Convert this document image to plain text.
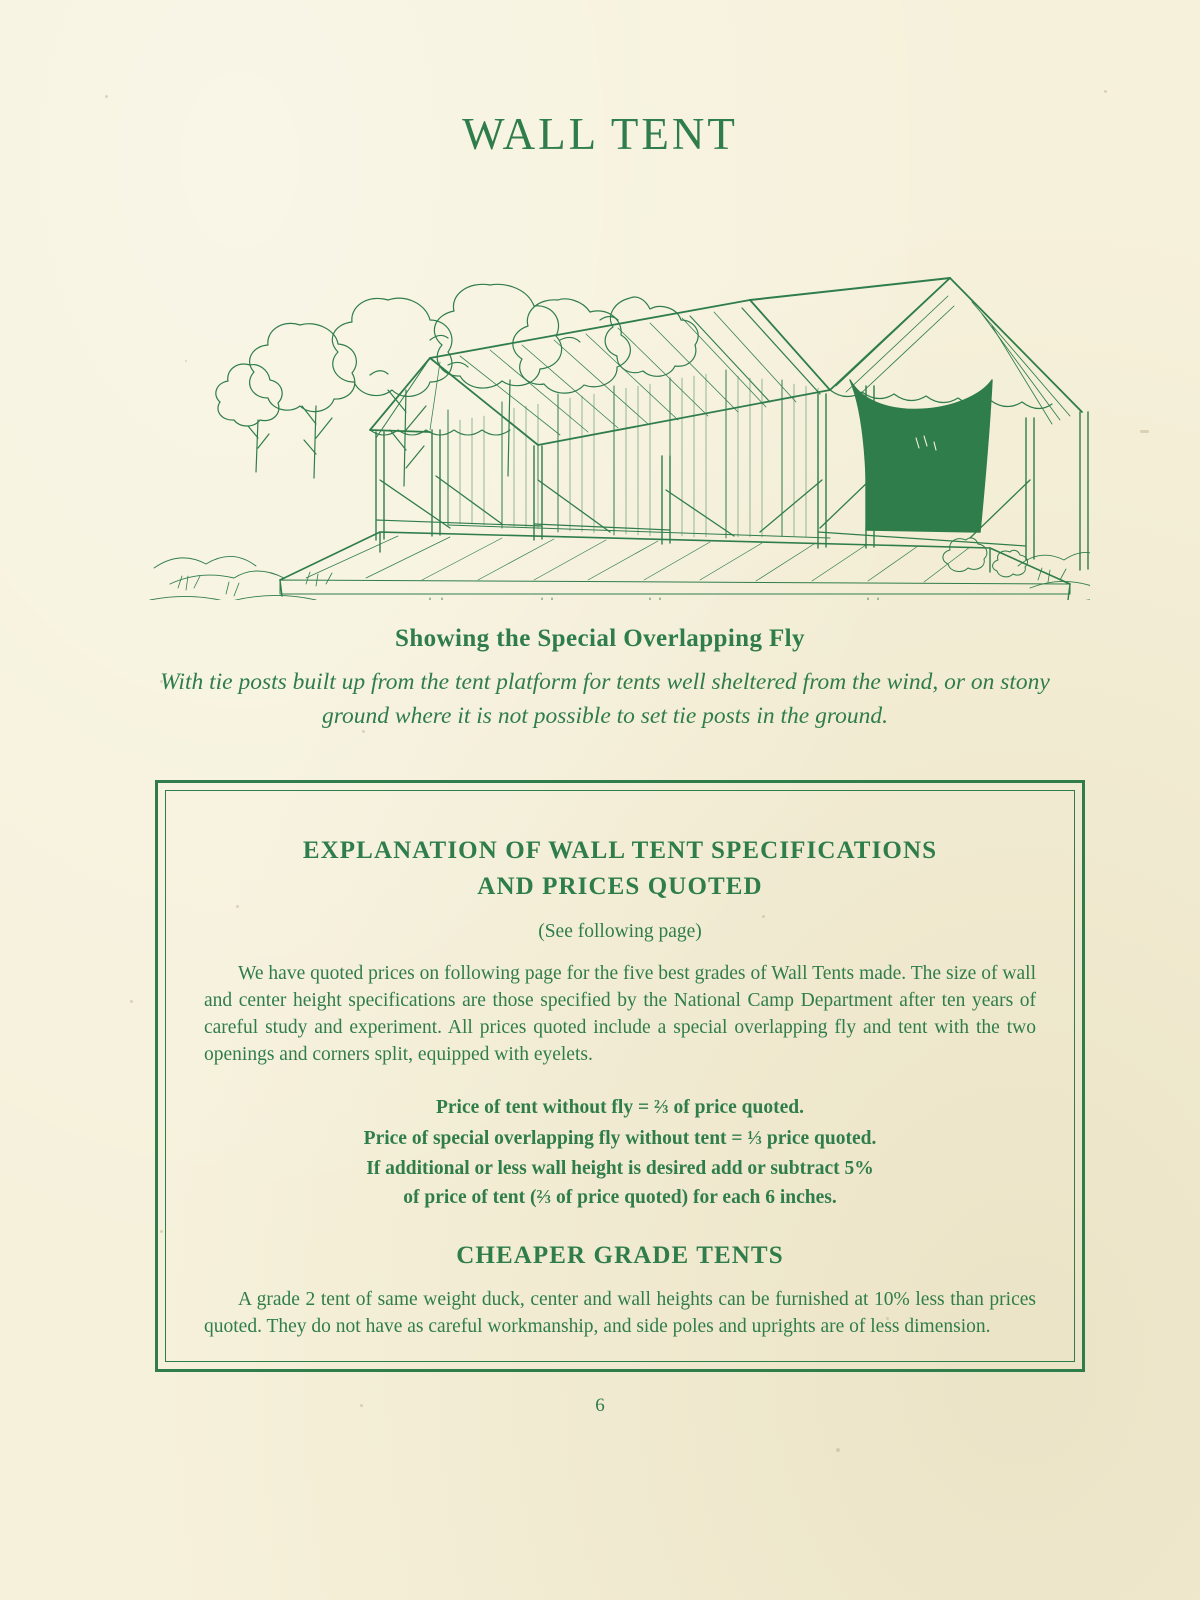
WALL TENT
Showing the Special Overlapping Fly
With tie posts built up from the tent platform for tents well sheltered from the wind, or on stony ground where it is not possible to set tie posts in the ground.
EXPLANATION OF WALL TENT SPECIFICATIONS
AND PRICES QUOTED
(See following page)
We have quoted prices on following page for the five best grades of Wall Tents made. The size of wall and center height specifications are those specified by the National Camp Department after ten years of careful study and experiment. All prices quoted include a special overlapping fly and tent with the two openings and corners split, equipped with eyelets.
Price of tent without fly = ⅔ of price quoted.
Price of special overlapping fly without tent = ⅓ price quoted.
If additional or less wall height is desired add or subtract 5%
of price of tent (⅔ of price quoted) for each 6 inches.
CHEAPER GRADE TENTS
A grade 2 tent of same weight duck, center and wall heights can be furnished at 10% less than prices quoted. They do not have as careful workmanship, and side poles and uprights are of less dimension.
6
